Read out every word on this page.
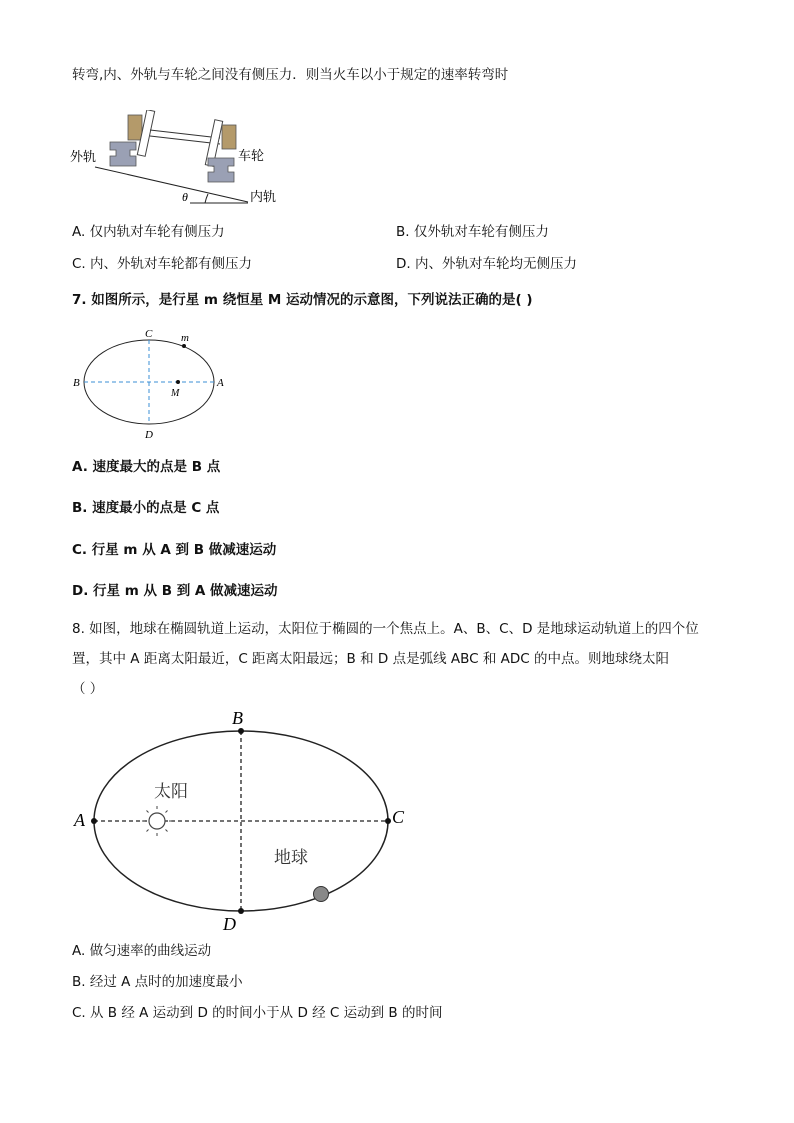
转弯,内、外轨与车轮之间没有侧压力．则当火车以小于规定的速率转弯时
外轨	车轮
内轨
θ
A. 仅内轨对车轮有侧压力	B. 仅外轨对车轮有侧压力
C. 内、外轨对车轮都有侧压力	D. 内、外轨对车轮均无侧压力
7. 如图所示，是行星 m 绕恒星 M 运动情况的示意图，下列说法正确的是( )
C	m
B	A
M
D
A. 速度最大的点是 B 点
B. 速度最小的点是 C 点
C. 行星 m 从 A 到 B 做减速运动
D. 行星 m 从 B 到 A 做减速运动
8. 如图，地球在椭圆轨道上运动，太阳位于椭圆的一个焦点上。A、B、C、D 是地球运动轨道上的四个位
置，其中 A 距离太阳最近，C 距离太阳最远；B 和 D 点是弧线 ABC 和 ADC 的中点。则地球绕太阳
（ ）
A
B
C
D
太阳
地球
A. 做匀速率的曲线运动
B. 经过 A 点时的加速度最小
C. 从 B 经 A 运动到 D 的时间小于从 D 经 C 运动到 B 的时间
